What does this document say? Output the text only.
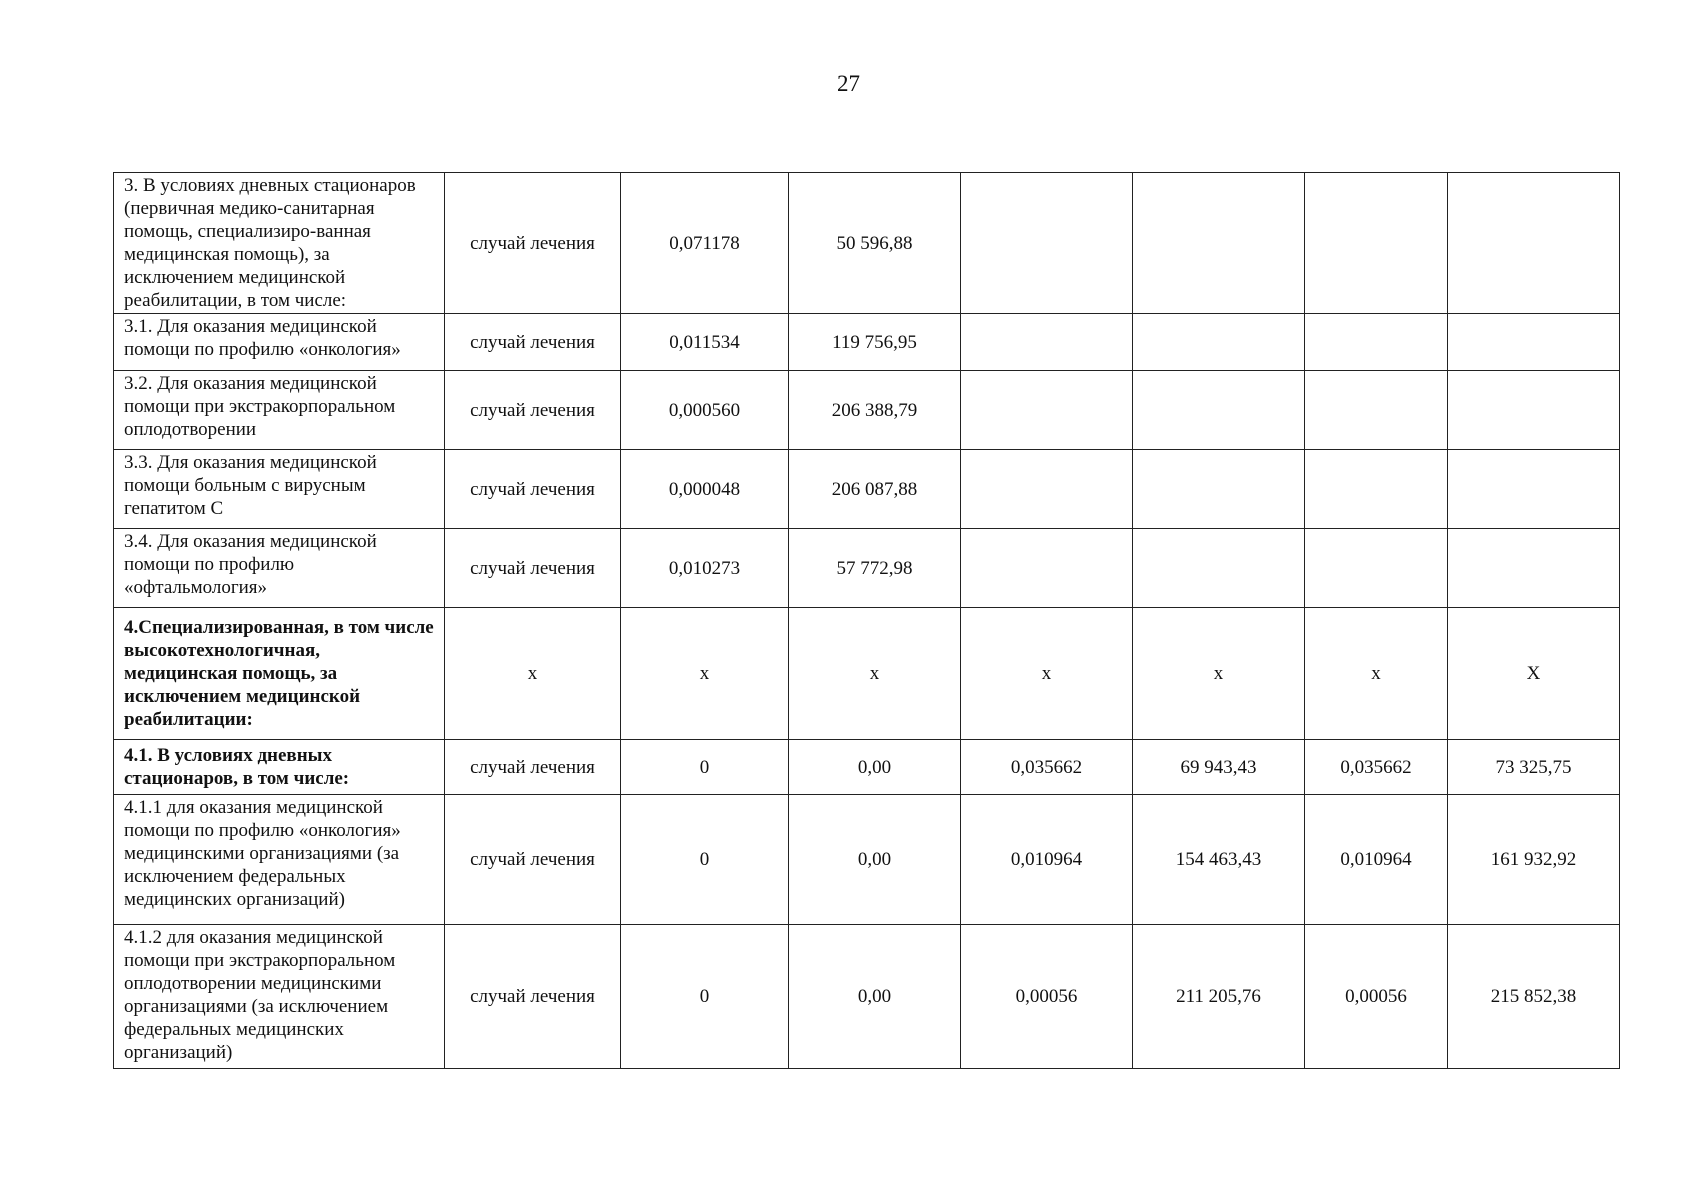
27
3. В условиях дневных стационаров (первичная медико-санитарная помощь, специализиро-ванная медицинская помощь), за исключением медицинской реабилитации, в том числе:	случай лечения	0,071178	50 596,88				
3.1. Для оказания медицинской помощи по профилю «онкология»	случай лечения	0,011534	119 756,95				
3.2. Для оказания медицинской помощи при экстракорпоральном оплодотворении	случай лечения	0,000560	206 388,79				
3.3. Для оказания медицинской помощи больным с вирусным гепатитом С	случай лечения	0,000048	206 087,88				
3.4. Для оказания медицинской помощи по профилю «офтальмология»	случай лечения	0,010273	57 772,98				
4.Специализированная, в том числе высокотехнологичная, медицинская помощь, за исключением медицинской реабилитации:	х	х	х	х	х	х	Х
4.1. В условиях дневных стационаров, в том числе:	случай лечения	0	0,00	0,035662	69 943,43	0,035662	73 325,75
4.1.1 для оказания медицинской помощи по профилю «онкология» медицинскими организациями (за исключением федеральных медицинских организаций)	случай лечения	0	0,00	0,010964	154 463,43	0,010964	161 932,92
4.1.2 для оказания медицинской помощи при экстракорпоральном оплодотворении медицинскими организациями (за исключением федеральных медицинских организаций)	случай лечения	0	0,00	0,00056	211 205,76	0,00056	215 852,38
